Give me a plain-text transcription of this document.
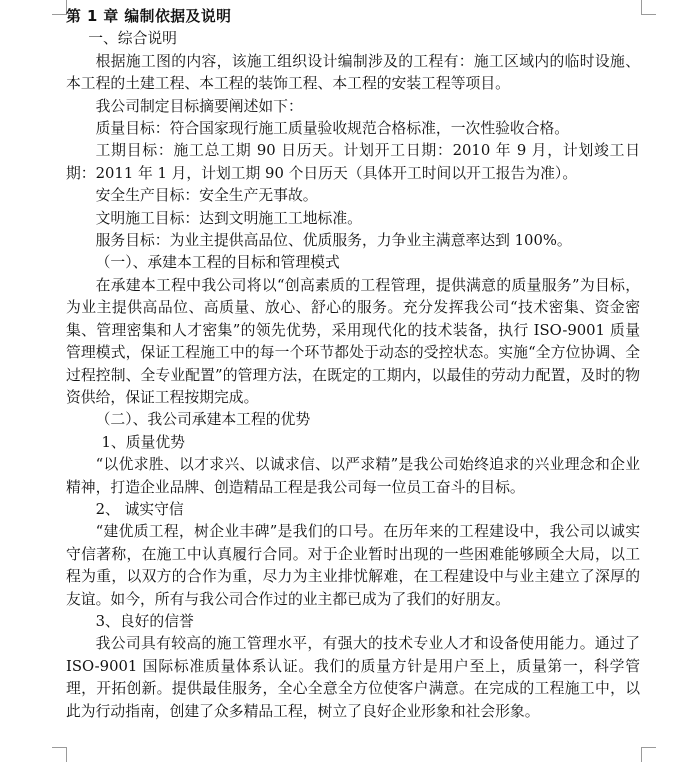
第 1 章 编制依据及说明

一、综合说明

根据施工图的内容，该施工组织设计编制涉及的工程有：施工区域内的临时设施、本工程的土建工程、本工程的装饰工程、本工程的安装工程等项目。

我公司制定目标摘要阐述如下：

质量目标：符合国家现行施工质量验收规范合格标准，一次性验收合格。

工期目标：施工总工期 90 日历天。计划开工日期：2010 年 9 月，计划竣工日期：2011 年 1 月，计划工期 90 个日历天（具体开工时间以开工报告为准）。

安全生产目标：安全生产无事故。

文明施工目标：达到文明施工工地标准。

服务目标：为业主提供高品位、优质服务，力争业主满意率达到 100%。

（一）、承建本工程的目标和管理模式

在承建本工程中我公司将以“创高素质的工程管理，提供满意的质量服务”为目标，为业主提供高品位、高质量、放心、舒心的服务。充分发挥我公司“技术密集、资金密集、管理密集和人才密集”的领先优势，采用现代化的技术装备，执行 ISO-9001 质量管理模式，保证工程施工中的每一个环节都处于动态的受控状态。实施“全方位协调、全过程控制、全专业配置”的管理方法，在既定的工期内，以最佳的劳动力配置，及时的物资供给，保证工程按期完成。

（二）、我公司承建本工程的优势

1、质量优势

“以优求胜、以才求兴、以诚求信、以严求精”是我公司始终追求的兴业理念和企业精神，打造企业品牌、创造精品工程是我公司每一位员工奋斗的目标。

2、 诚实守信

“建优质工程，树企业丰碑”是我们的口号。在历年来的工程建设中，我公司以诚实守信著称，在施工中认真履行合同。对于企业暂时出现的一些困难能够顾全大局，以工程为重，以双方的合作为重，尽力为主业排忧解难，在工程建设中与业主建立了深厚的友谊。如今，所有与我公司合作过的业主都已成为了我们的好朋友。

3、良好的信誉

我公司具有较高的施工管理水平，有强大的技术专业人才和设备使用能力。通过了 ISO-9001 国际标准质量体系认证。我们的质量方针是用户至上，质量第一，科学管理，开拓创新。提供最佳服务，全心全意全方位使客户满意。在完成的工程施工中，以此为行动指南，创建了众多精品工程，树立了良好企业形象和社会形象。
